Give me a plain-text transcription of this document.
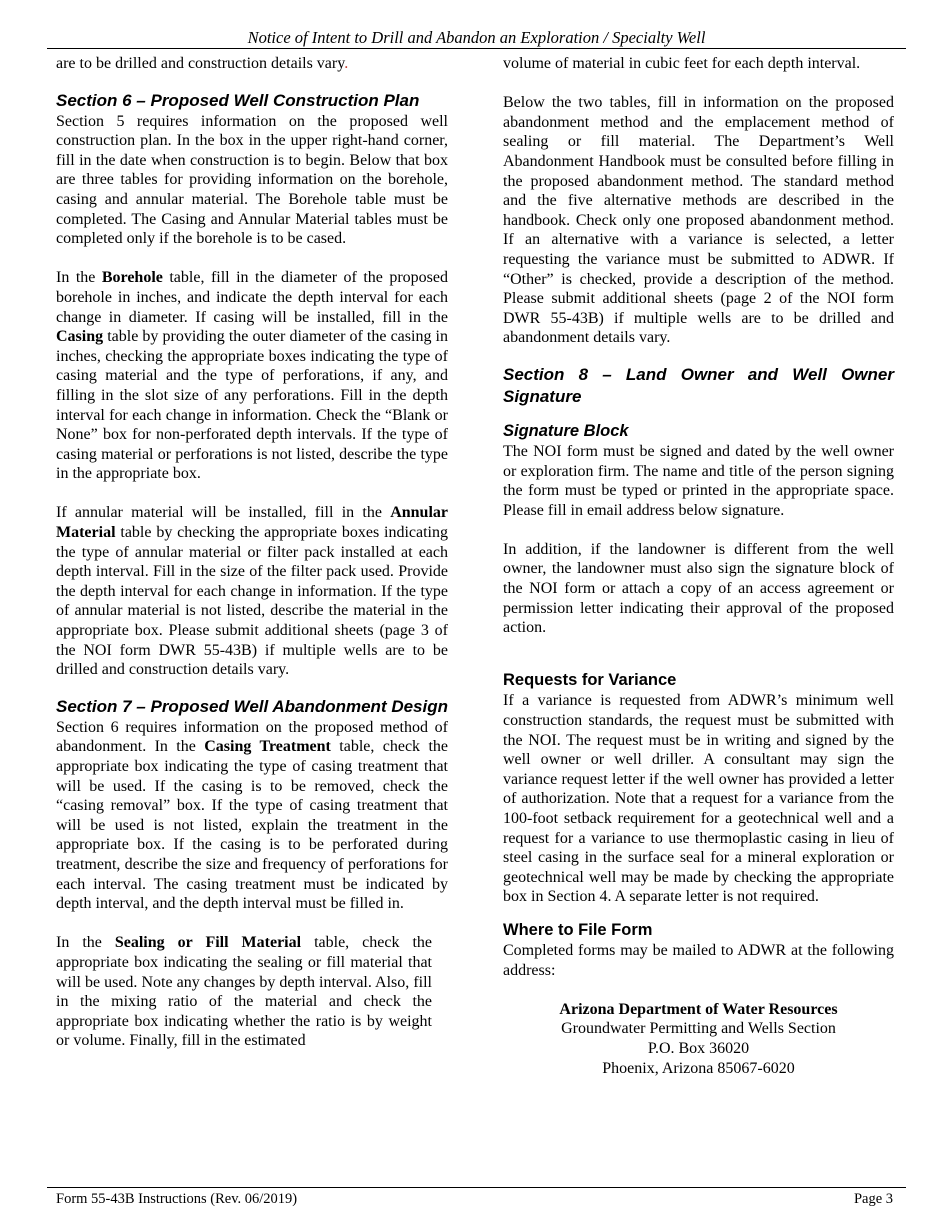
Notice of Intent to Drill and Abandon an Exploration / Specialty Well

are to be drilled and construction details vary.

Section 6 – Proposed Well Construction Plan

Section 5 requires information on the proposed well construction plan. In the box in the upper right-hand corner, fill in the date when construction is to begin. Below that box are three tables for providing information on the borehole, casing and annular material. The Borehole table must be completed. The Casing and Annular Material tables must be completed only if the borehole is to be cased.

In the Borehole table, fill in the diameter of the proposed borehole in inches, and indicate the depth interval for each change in diameter. If casing will be installed, fill in the Casing table by providing the outer diameter of the casing in inches, checking the appropriate boxes indicating the type of casing material and the type of perforations, if any, and filling in the slot size of any perforations. Fill in the depth interval for each change in information. Check the “Blank or None” box for non-perforated depth intervals. If the type of casing material or perforations is not listed, describe the type in the appropriate box.

If annular material will be installed, fill in the Annular Material table by checking the appropriate boxes indicating the type of annular material or filter pack installed at each depth interval. Fill in the size of the filter pack used. Provide the depth interval for each change in information. If the type of annular material is not listed, describe the material in the appropriate box. Please submit additional sheets (page 3 of the NOI form DWR 55-43B) if multiple wells are to be drilled and construction details vary.

Section 7 – Proposed Well Abandonment Design

Section 6 requires information on the proposed method of abandonment. In the Casing Treatment table, check the appropriate box indicating the type of casing treatment that will be used. If the casing is to be removed, check the “casing removal” box. If the type of casing treatment that will be used is not listed, explain the treatment in the appropriate box. If the casing is to be perforated during treatment, describe the size and frequency of perforations for each interval. The casing treatment must be indicated by depth interval, and the depth interval must be filled in.

In the Sealing or Fill Material table, check the appropriate box indicating the sealing or fill material that will be used. Note any changes by depth interval. Also, fill in the mixing ratio of the material and check the appropriate box indicating whether the ratio is by weight or volume. Finally, fill in the estimated

volume of material in cubic feet for each depth interval.

Below the two tables, fill in information on the proposed abandonment method and the emplacement method of sealing or fill material. The Department’s Well Abandonment Handbook must be consulted before filling in the proposed abandonment method. The standard method and the five alternative methods are described in the handbook. Check only one proposed abandonment method. If an alternative with a variance is selected, a letter requesting the variance must be submitted to ADWR. If “Other” is checked, provide a description of the method. Please submit additional sheets (page 2 of the NOI form DWR 55-43B) if multiple wells are to be drilled and abandonment details vary.

Section 8 – Land Owner and Well Owner Signature
Signature Block

The NOI form must be signed and dated by the well owner or exploration firm. The name and title of the person signing the form must be typed or printed in the appropriate space. Please fill in email address below signature.

In addition, if the landowner is different from the well owner, the landowner must also sign the signature block of the NOI form or attach a copy of an access agreement or permission letter indicating their approval of the proposed action.

Requests for Variance

If a variance is requested from ADWR’s minimum well construction standards, the request must be submitted with the NOI. The request must be in writing and signed by the well owner or well driller. A consultant may sign the variance request letter if the well owner has provided a letter of authorization. Note that a request for a variance from the 100-foot setback requirement for a geotechnical well and a request for a variance to use thermoplastic casing in lieu of steel casing in the surface seal for a mineral exploration or geotechnical well may be made by checking the appropriate box in Section 4. A separate letter is not required.

Where to File Form

Completed forms may be mailed to ADWR at the following address:

Arizona Department of Water Resources
Groundwater Permitting and Wells Section
P.O. Box 36020
Phoenix, Arizona 85067-6020
Form 55-43B Instructions (Rev. 06/2019)	Page 3
